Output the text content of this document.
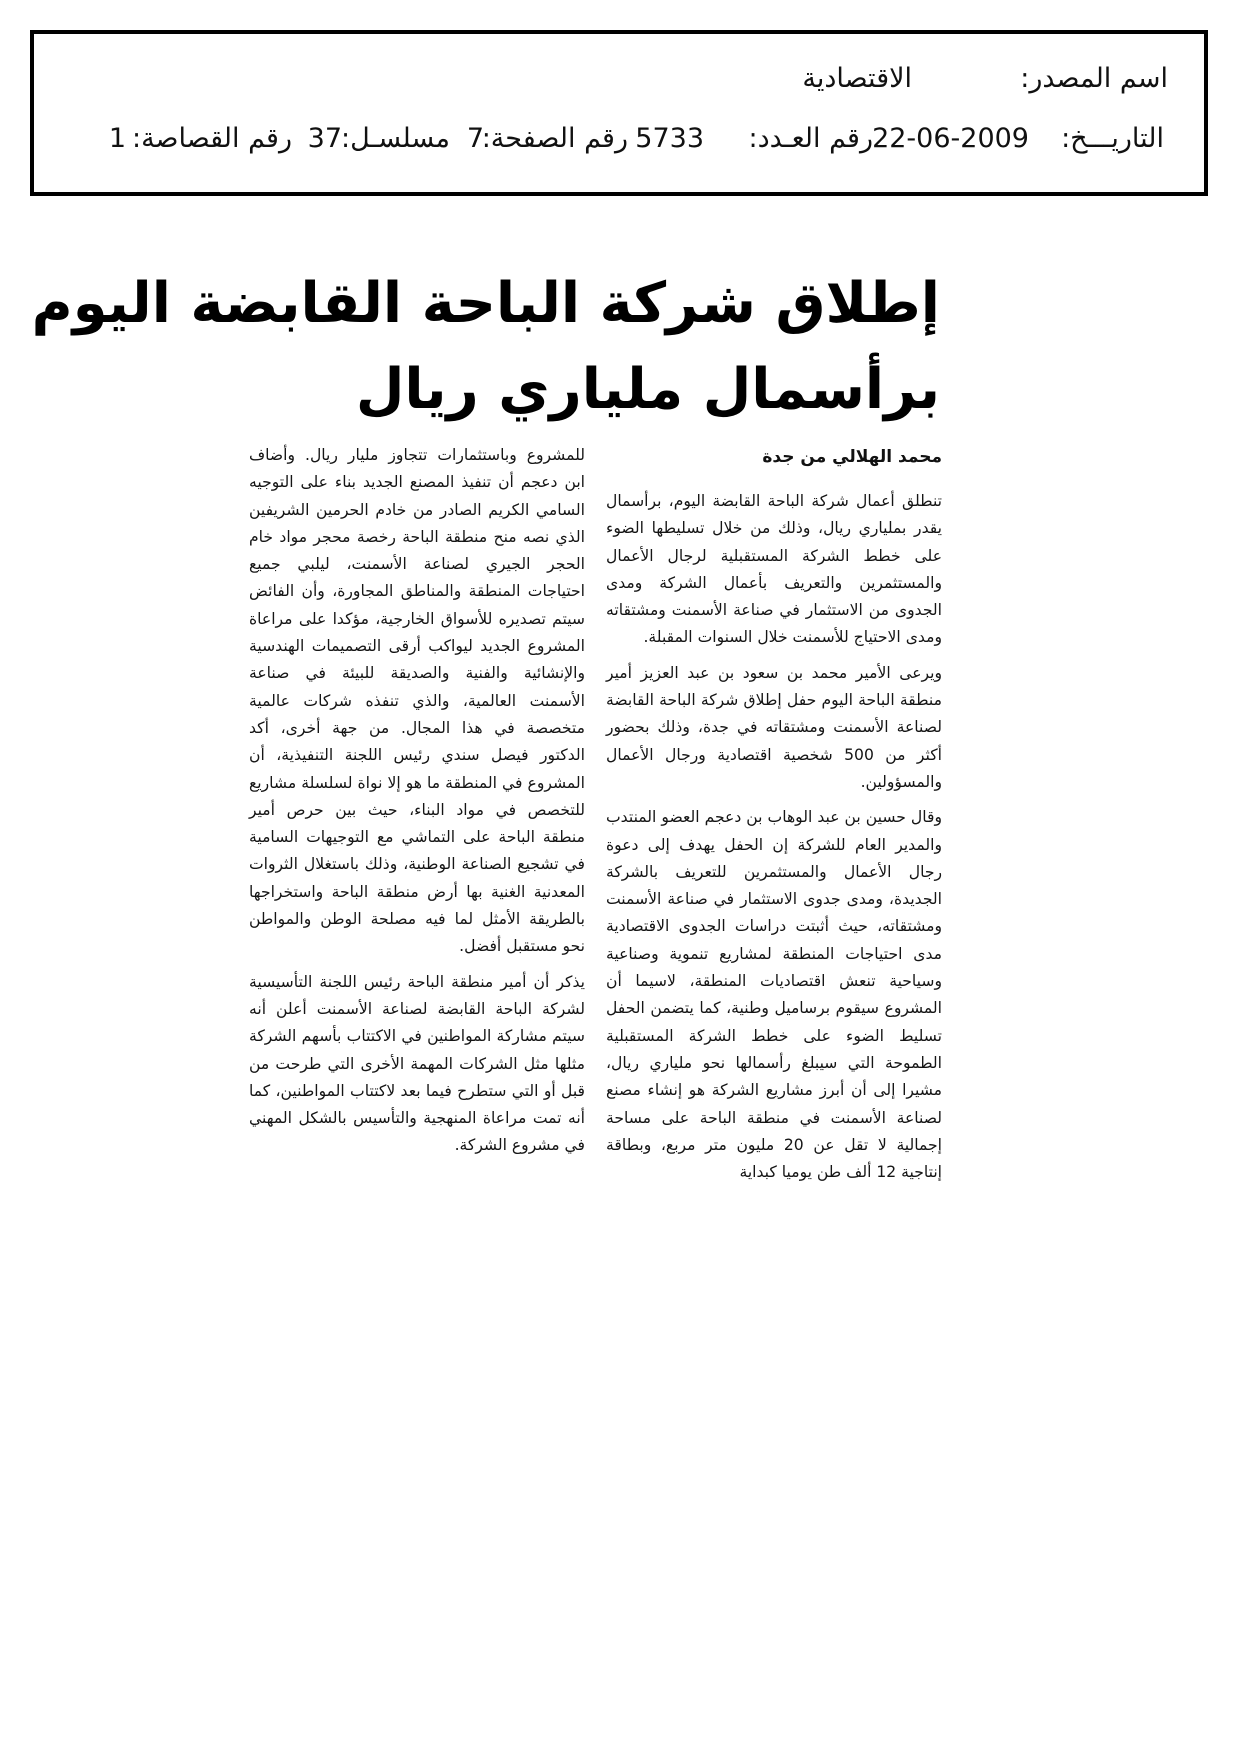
اسم المصدر:
الاقتصادية
التاريـــخ:
22-06-2009
رقم العـدد:
5733
رقم الصفحة:
7
مسلسـل:
37
رقم القصاصة:
1
إطلاق شركة الباحة القابضة اليوم
برأسمال ملياري ريال
محمد الهلالي من جدة

تنطلق أعمال شركة الباحة القابضة اليوم، برأسمال يقدر بملياري ريال، وذلك من خلال تسليطها الضوء على خطط الشركة المستقبلية لرجال الأعمال والمستثمرين والتعريف بأعمال الشركة ومدى الجدوى من الاستثمار في صناعة الأسمنت ومشتقاته ومدى الاحتياج للأسمنت خلال السنوات المقبلة.

ويرعى الأمير محمد بن سعود بن عبد العزيز أمير منطقة الباحة اليوم حفل إطلاق شركة الباحة القابضة لصناعة الأسمنت ومشتقاته في جدة، وذلك بحضور أكثر من 500 شخصية اقتصادية ورجال الأعمال والمسؤولين.

وقال حسين بن عبد الوهاب بن دعجم العضو المنتدب والمدير العام للشركة إن الحفل يهدف إلى دعوة رجال الأعمال والمستثمرين للتعريف بالشركة الجديدة، ومدى جدوى الاستثمار في صناعة الأسمنت ومشتقاته، حيث أثبتت دراسات الجدوى الاقتصادية مدى احتياجات المنطقة لمشاريع تنموية وصناعية وسياحية تنعش اقتصاديات المنطقة، لاسيما أن المشروع سيقوم برساميل وطنية، كما يتضمن الحفل تسليط الضوء على خطط الشركة المستقبلية الطموحة التي سيبلغ رأسمالها نحو ملياري ريال، مشيرا إلى أن أبرز مشاريع الشركة هو إنشاء مصنع لصناعة الأسمنت في منطقة الباحة على مساحة إجمالية لا تقل عن 20 مليون متر مربع، وبطاقة إنتاجية 12 ألف طن يوميا كبداية

للمشروع وباستثمارات تتجاوز مليار ريال. وأضاف ابن دعجم أن تنفيذ المصنع الجديد بناء على التوجيه السامي الكريم الصادر من خادم الحرمين الشريفين الذي نصه منح منطقة الباحة رخصة محجر مواد خام الحجر الجيري لصناعة الأسمنت، ليلبي جميع احتياجات المنطقة والمناطق المجاورة، وأن الفائض سيتم تصديره للأسواق الخارجية، مؤكدا على مراعاة المشروع الجديد ليواكب أرقى التصميمات الهندسية والإنشائية والفنية والصديقة للبيئة في صناعة الأسمنت العالمية، والذي تنفذه شركات عالمية متخصصة في هذا المجال. من جهة أخرى، أكد الدكتور فيصل سندي رئيس اللجنة التنفيذية، أن المشروع في المنطقة ما هو إلا نواة لسلسلة مشاريع للتخصص في مواد البناء، حيث بين حرص أمير منطقة الباحة على التماشي مع التوجيهات السامية في تشجيع الصناعة الوطنية، وذلك باستغلال الثروات المعدنية الغنية بها أرض منطقة الباحة واستخراجها بالطريقة الأمثل لما فيه مصلحة الوطن والمواطن نحو مستقبل أفضل.

يذكر أن أمير منطقة الباحة رئيس اللجنة التأسيسية لشركة الباحة القابضة لصناعة الأسمنت أعلن أنه سيتم مشاركة المواطنين في الاكتتاب بأسهم الشركة مثلها مثل الشركات المهمة الأخرى التي طرحت من قبل أو التي ستطرح فيما بعد لاكتتاب المواطنين، كما أنه تمت مراعاة المنهجية والتأسيس بالشكل المهني في مشروع الشركة.
